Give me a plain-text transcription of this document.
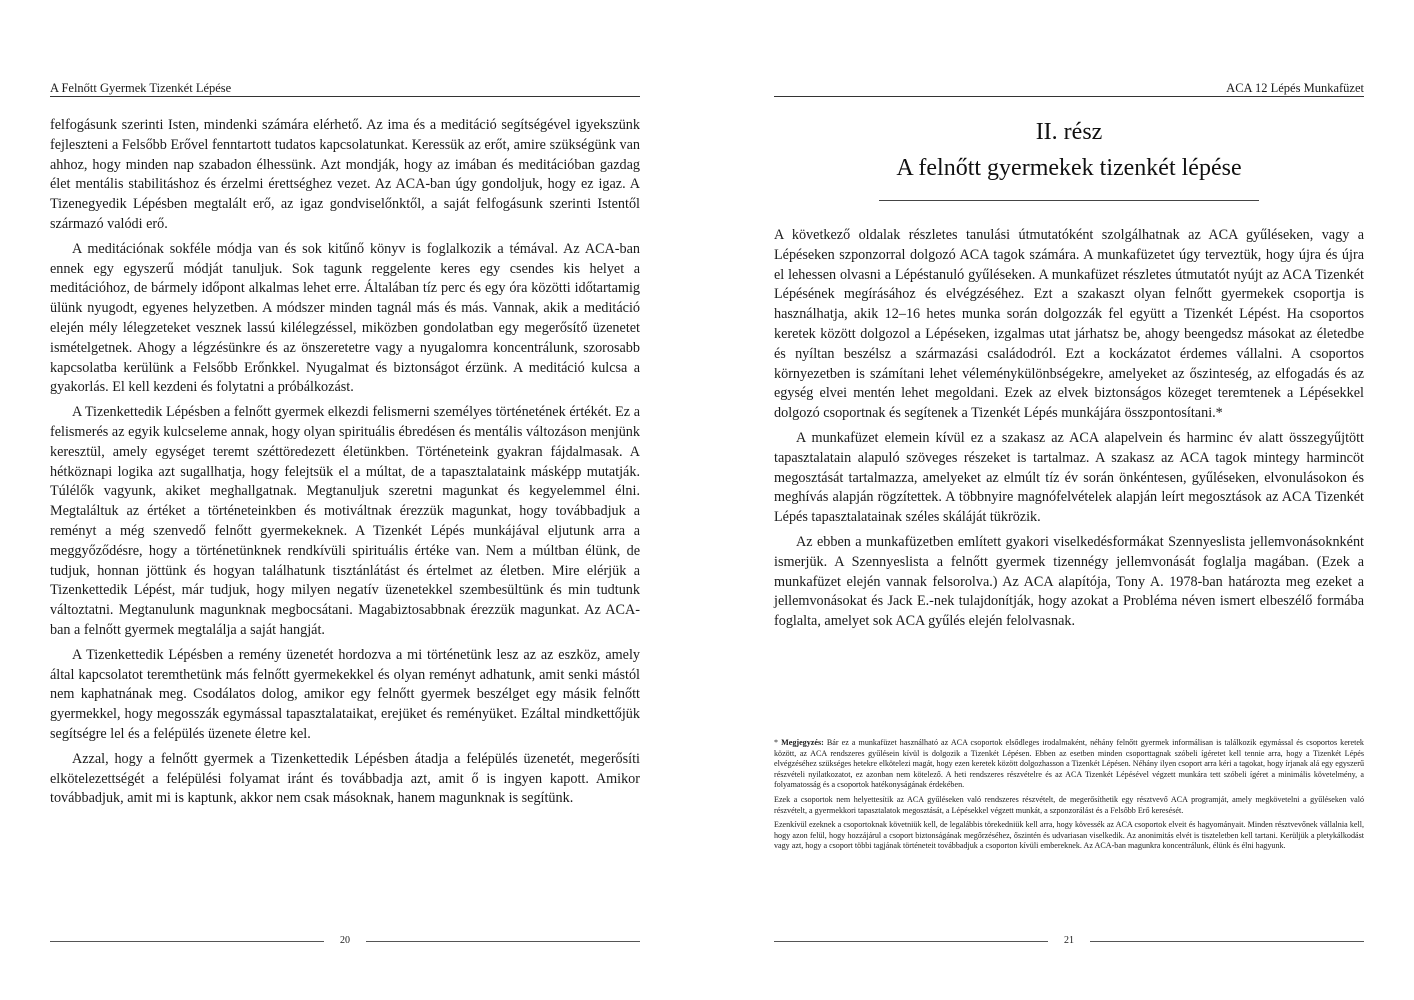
A Felnőtt Gyermek Tizenkét Lépése

felfogásunk szerinti Isten, mindenki számára elérhető. Az ima és a meditáció segítségével igyekszünk fejleszteni a Felsőbb Erővel fenntartott tudatos kapcsolatunkat. Keressük az erőt, amire szükségünk van ahhoz, hogy minden nap szabadon élhessünk. Azt mondják, hogy az imában és meditációban gazdag élet mentális stabilitáshoz és érzelmi érettséghez vezet. Az ACA-ban úgy gondoljuk, hogy ez igaz. A Tizenegyedik Lépésben megtalált erő, az igaz gondviselőnktől, a saját felfogásunk szerinti Istentől származó valódi erő.

A meditációnak sokféle módja van és sok kitűnő könyv is foglalkozik a témával. Az ACA-ban ennek egy egyszerű módját tanuljuk. Sok tagunk reggelente keres egy csendes kis helyet a meditációhoz, de bármely időpont alkalmas lehet erre. Általában tíz perc és egy óra közötti időtartamig ülünk nyugodt, egyenes helyzetben. A módszer minden tagnál más és más. Vannak, akik a meditáció elején mély lélegzeteket vesznek lassú kilélegzéssel, miközben gondolatban egy megerősítő üzenetet ismételgetnek. Ahogy a légzésünkre és az önszeretetre vagy a nyugalomra koncentrálunk, szorosabb kapcsolatba kerülünk a Felsőbb Erőnkkel. Nyugalmat és biztonságot érzünk. A meditáció kulcsa a gyakorlás. El kell kezdeni és folytatni a próbálkozást.

A Tizenkettedik Lépésben a felnőtt gyermek elkezdi felismerni személyes történetének értékét. Ez a felismerés az egyik kulcseleme annak, hogy olyan spirituális ébredésen és mentális változáson menjünk keresztül, amely egységet teremt széttöredezett életünkben. Történeteink gyakran fájdalmasak. A hétköznapi logika azt sugallhatja, hogy felejtsük el a múltat, de a tapasztalataink másképp mutatják. Túlélők vagyunk, akiket meghallgatnak. Megtanuljuk szeretni magunkat és kegyelemmel élni. Megtaláltuk az értéket a történeteinkben és motiváltnak érezzük magunkat, hogy továbbadjuk a reményt a még szenvedő felnőtt gyermekeknek. A Tizenkét Lépés munkájával eljutunk arra a meggyőződésre, hogy a történetünknek rendkívüli spirituális értéke van. Nem a múltban élünk, de tudjuk, honnan jöttünk és hogyan találhatunk tisztánlátást és értelmet az életben. Mire elérjük a Tizenkettedik Lépést, már tudjuk, hogy milyen negatív üzenetekkel szembesültünk és min tudtunk változtatni. Megtanulunk magunknak megbocsátani. Magabiztosabbnak érezzük magunkat. Az ACA-ban a felnőtt gyermek megtalálja a saját hangját.

A Tizenkettedik Lépésben a remény üzenetét hordozva a mi történetünk lesz az az eszköz, amely által kapcsolatot teremthetünk más felnőtt gyermekekkel és olyan reményt adhatunk, amit senki mástól nem kaphatnának meg. Csodálatos dolog, amikor egy felnőtt gyermek beszélget egy másik felnőtt gyermekkel, hogy megosszák egymással tapasztalataikat, erejüket és reményüket. Ezáltal mindkettőjük segítségre lel és a felépülés üzenete életre kel.

Azzal, hogy a felnőtt gyermek a Tizenkettedik Lépésben átadja a felépülés üzenetét, megerősíti elkötelezettségét a felépülési folyamat iránt és továbbadja azt, amit ő is ingyen kapott. Amikor továbbadjuk, amit mi is kaptunk, akkor nem csak másoknak, hanem magunknak is segítünk.

20
ACA 12 Lépés Munkafüzet
II. rész
A felnőtt gyermekek tizenkét lépése

A következő oldalak részletes tanulási útmutatóként szolgálhatnak az ACA gyűléseken, vagy a Lépéseken szponzorral dolgozó ACA tagok számára. A munkafüzetet úgy terveztük, hogy újra és újra el lehessen olvasni a Lépéstanuló gyűléseken. A munkafüzet részletes útmutatót nyújt az ACA Tizenkét Lépésének megírásához és elvégzéséhez. Ezt a szakaszt olyan felnőtt gyermekek csoportja is használhatja, akik 12–16 hetes munka során dolgozzák fel együtt a Tizenkét Lépést. Ha csoportos keretek között dolgozol a Lépéseken, izgalmas utat járhatsz be, ahogy beengedsz másokat az életedbe és nyíltan beszélsz a származási családodról. Ezt a kockázatot érdemes vállalni. A csoportos környezetben is számítani lehet véleménykülönbségekre, amelyeket az őszinteség, az elfogadás és az egység elvei mentén lehet megoldani. Ezek az elvek biztonságos közeget teremtenek a Lépésekkel dolgozó csoportnak és segítenek a Tizenkét Lépés munkájára összpontosítani.*

A munkafüzet elemein kívül ez a szakasz az ACA alapelvein és harminc év alatt összegyűjtött tapasztalatain alapuló szöveges részeket is tartalmaz. A szakasz az ACA tagok mintegy harmincöt megosztását tartalmazza, amelyeket az elmúlt tíz év során önkéntesen, gyűléseken, elvonulásokon és meghívás alapján rögzítettek. A többnyire magnófelvételek alapján leírt megosztások az ACA Tizenkét Lépés tapasztalatainak széles skáláját tükrözik.

Az ebben a munkafüzetben említett gyakori viselkedésformákat Szennyeslista jellemvonásoknként ismerjük. A Szennyeslista a felnőtt gyermek tizennégy jellemvonását foglalja magában. (Ezek a munkafüzet elején vannak felsorolva.) Az ACA alapítója, Tony A. 1978-ban határozta meg ezeket a jellemvonásokat és Jack E.-nek tulajdonítják, hogy azokat a Probléma néven ismert elbeszélő formába foglalta, amelyet sok ACA gyűlés elején felolvasnak.

* Megjegyzés: Bár ez a munkafüzet használható az ACA csoportok elsődleges irodalmaként, néhány felnőtt gyermek informálisan is találkozik egymással és csoportos keretek között, az ACA rendszeres gyűlésein kívül is dolgozik a Tizenkét Lépésen. Ebben az esetben minden csoporttagnak szóbeli ígéretet kell tennie arra, hogy a Tizenkét Lépés elvégzéséhez szükséges hetekre elkötelezi magát, hogy ezen keretek között dolgozhasson a Tizenkét Lépésen. Néhány ilyen csoport arra kéri a tagokat, hogy írjanak alá egy egyszerű részvételi nyilatkozatot, ez azonban nem kötelező. A heti rendszeres részvételre és az ACA Tizenkét Lépésével végzett munkára tett szóbeli ígéret a minimális követelmény, a folyamatosság és a csoportok hatékonyságának érdekében.

Ezek a csoportok nem helyettesítik az ACA gyűléseken való rendszeres részvételt, de megerősíthetik egy résztvevő ACA programját, amely megkövetelni a gyűléseken való részvételt, a gyermekkori tapasztalatok megosztását, a Lépésekkel végzett munkát, a szponzorálást és a Felsőbb Erő keresését.

Ezenkívül ezeknek a csoportoknak követniük kell, de legalábbis törekedniük kell arra, hogy kövessék az ACA csoportok elveit és hagyományait. Minden résztvevőnek vállalnia kell, hogy azon felül, hogy hozzájárul a csoport biztonságának megőrzéséhez, őszintén és udvariasan viselkedik. Az anonimitás elvét is tiszteletben kell tartani. Kerüljük a pletykálkodást vagy azt, hogy a csoport többi tagjának történeteit továbbadjuk a csoporton kívüli embereknek. Az ACA-ban magunkra koncentrálunk, élünk és élni hagyunk.

21
